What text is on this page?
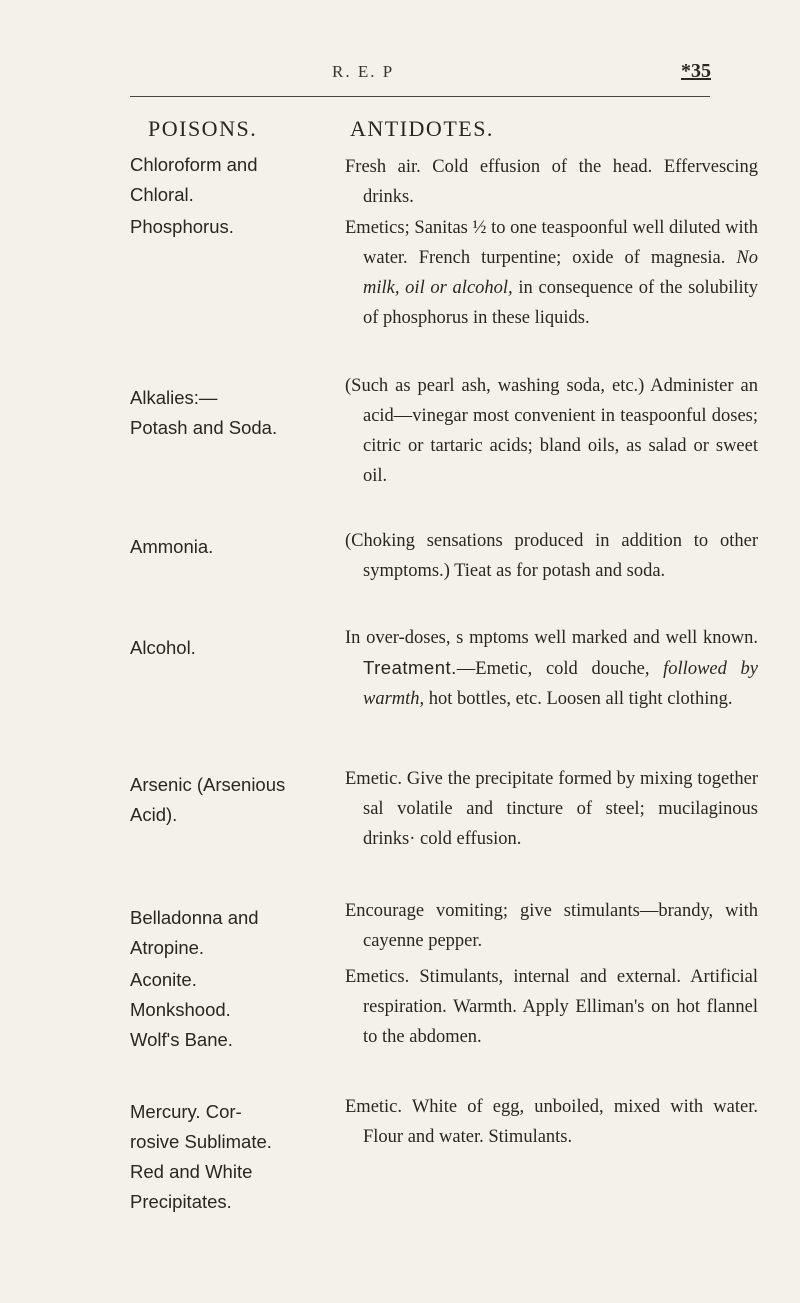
R. E. P	*35
POISONS.	ANTIDOTES.
Chloroform and
Chloral.
Phosphorus.
Alkalies:—
Potash and Soda.
Ammonia.
Alcohol.
Arsenic (Arsenious
Acid).
Belladonna and
Atropine.
Aconite.
Monkshood.
Wolf's Bane.
Mercury. Cor-
rosive Sublimate.
Red and White
Precipitates.
Fresh air. Cold effusion of the head. Effervescing drinks.
Emetics; Sanitas ½ to one teaspoonful well diluted with water. French turpentine; oxide of magnesia. No milk, oil or alcohol, in consequence of the solubility of phosphorus in these liquids.
(Such as pearl ash, washing soda, etc.) Administer an acid—vinegar most convenient in teaspoonful doses; citric or tartaric acids; bland oils, as salad or sweet oil.
(Choking sensations produced in addition to other symptoms.) Tieat as for potash and soda.
In over-doses, s mptoms well marked and well known. Treatment.—Emetic, cold douche, followed by warmth, hot bottles, etc. Loosen all tight clothing.
Emetic. Give the precipitate formed by mixing together sal volatile and tincture of steel; mucilaginous drinks· cold effusion.
Encourage vomiting; give stimulants—brandy, with cayenne pepper.
Emetics. Stimulants, internal and external. Artificial respiration. Warmth. Apply Elliman's on hot flannel to the abdomen.
Emetic. White of egg, unboiled, mixed with water. Flour and water. Stimulants.
